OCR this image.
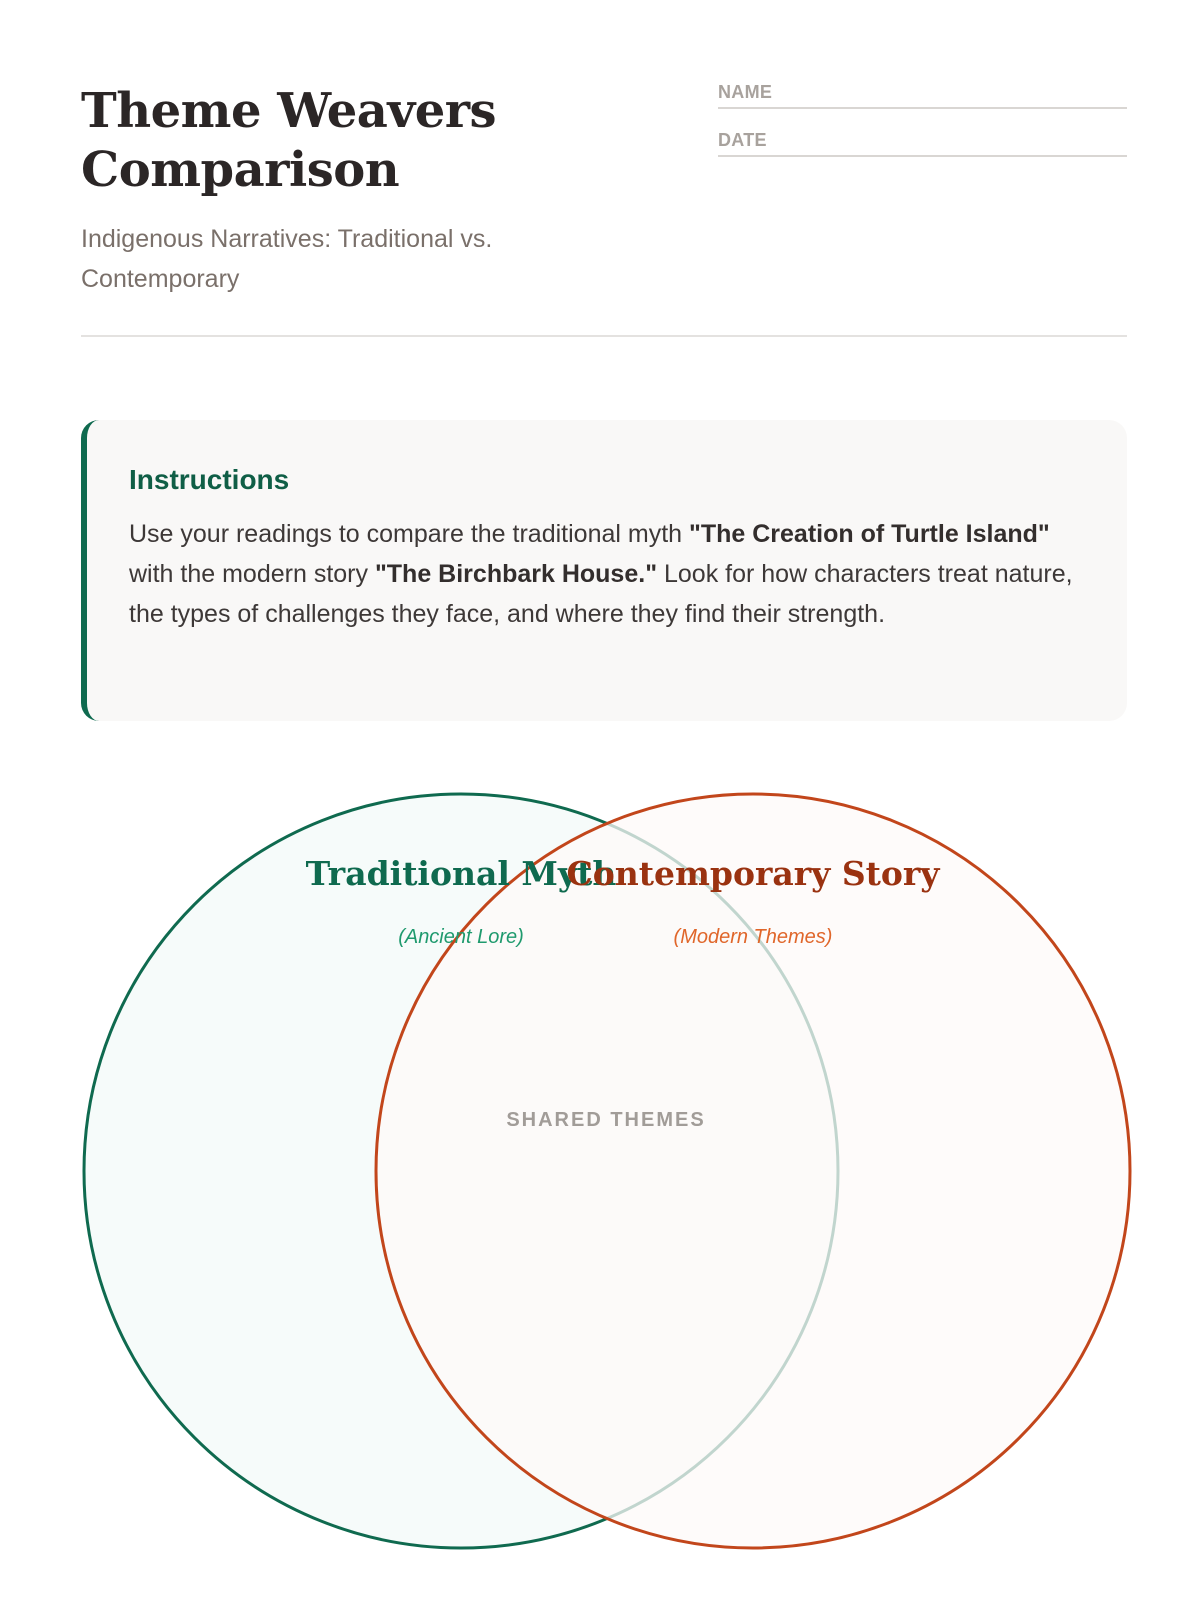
Theme Weavers Comparison
Indigenous Narratives: Traditional vs. Contemporary
NAME
DATE
Instructions

Use your readings to compare the traditional myth "The Creation of Turtle Island" with the modern story "The Birchbark House." Look for how characters treat nature, the types of challenges they face, and where they find their strength.

Traditional Myth
(Ancient Lore)
Contemporary Story
(Modern Themes)
SHARED THEMES
